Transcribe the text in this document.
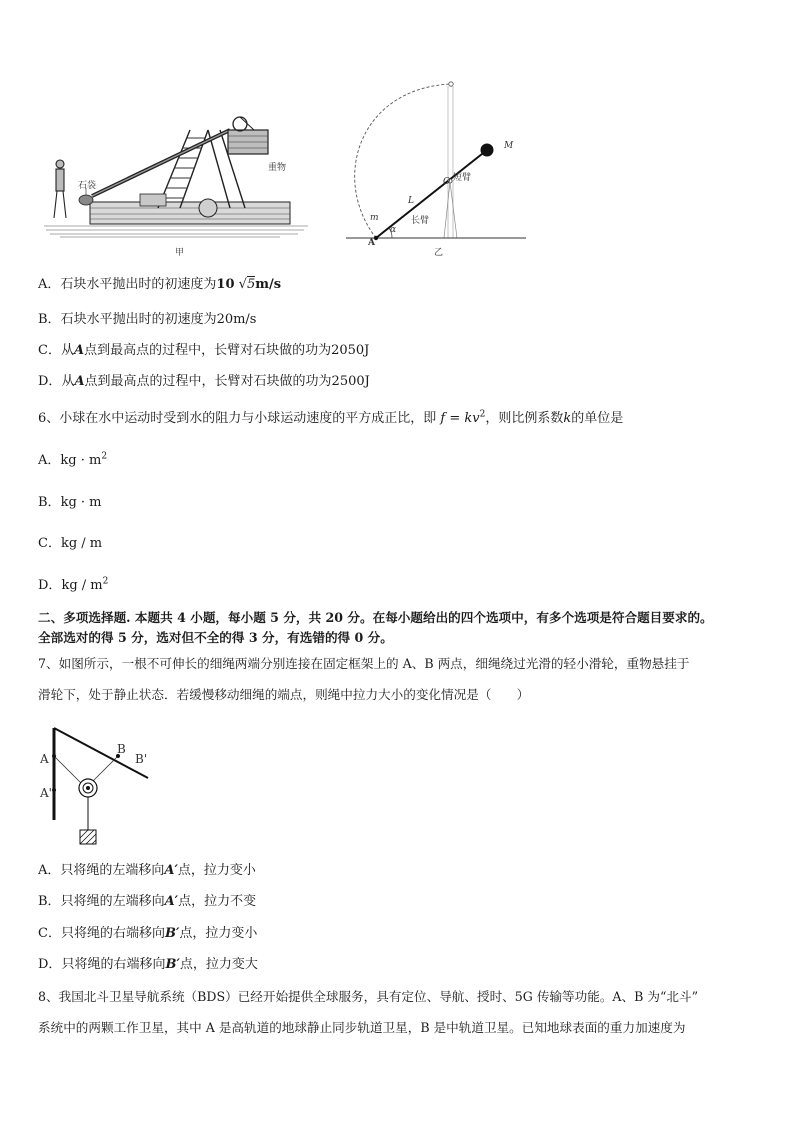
石袋
重物
甲
M
O 短臂
L
长臂
m
α
A
乙
A．石块水平抛出时的初速度为10 √5m/s
B．石块水平抛出时的初速度为20m/s
C．从A点到最高点的过程中，长臂对石块做的功为2050J
D．从A点到最高点的过程中，长臂对石块做的功为2500J
6、小球在水中运动时受到水的阻力与小球运动速度的平方成正比，即 $f = kv^2$，则比例系数k的单位是
A．kg · $m^2$
B．kg · m
C．kg / m
D．kg / $m^2$
二、多项选择题. 本题共 4 小题，每小题 5 分，共 20 分。在每小题给出的四个选项中，有多个选项是符合题目要求的。
全部选对的得 5 分，选对但不全的得 3 分，有选错的得 0 分。
7、如图所示，一根不可伸长的细绳两端分别连接在固定框架上的 A、B 两点，细绳绕过光滑的轻小滑轮，重物悬挂于
滑轮下，处于静止状态．若缓慢移动细绳的端点，则绳中拉力大小的变化情况是（　　）
A
A'
B
B'
A．只将绳的左端移向A′点，拉力变小
B．只将绳的左端移向A′点，拉力不变
C．只将绳的右端移向B′点，拉力变小
D．只将绳的右端移向B′点，拉力变大
8、我国北斗卫星导航系统（BDS）已经开始提供全球服务，具有定位、导航、授时、5G 传输等功能。A、B 为“北斗”
系统中的两颗工作卫星，其中 A 是高轨道的地球静止同步轨道卫星，B 是中轨道卫星。已知地球表面的重力加速度为
